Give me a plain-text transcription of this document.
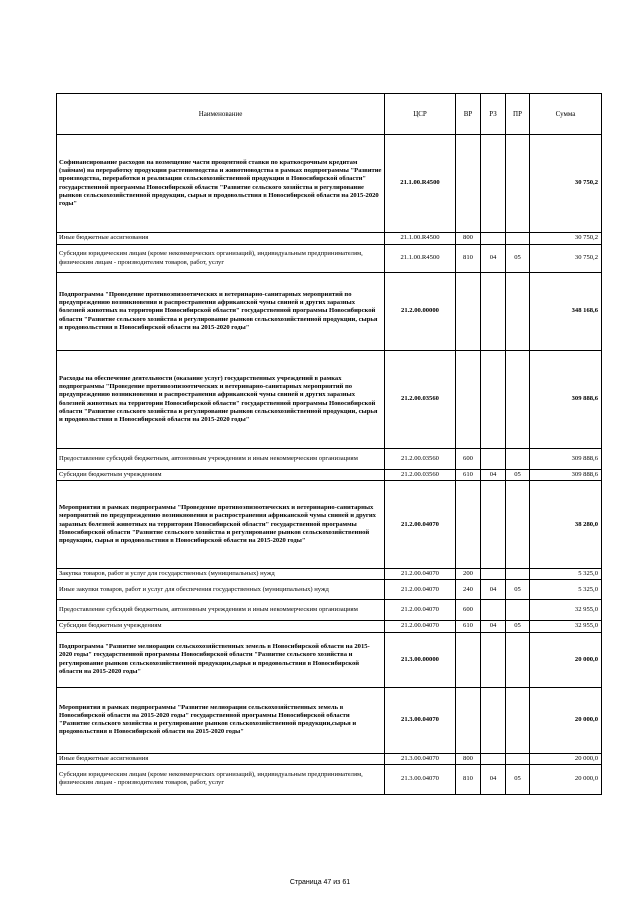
Наименование	ЦСР	ВР	РЗ	ПР	Сумма
Софинансирование расходов на возмещение части процентной ставки по краткосрочным кредитам (займам) на переработку продукции растениеводства и животноводства в рамках подпрограммы "Развитие производства, переработки и реализации сельскохозяйственной продукции в Новосибирской области" государственной программы Новосибирской области "Развитие сельского хозяйства и регулирование рынков сельскохозяйственной продукции, сырья и продовольствия в Новосибирской области на 2015-2020 годы"	21.1.00.R4500				30 750,2
Иные бюджетные ассигнования	21.1.00.R4500	800			30 750,2
Субсидии юридическим лицам (кроме некоммерческих организаций), индивидуальным предпринимателям, физическим лицам - производителям товаров, работ, услуг	21.1.00.R4500	810	04	05	30 750,2
Подпрограмма "Проведение противоэпизоотических и ветеринарно-санитарных мероприятий по предупреждению возникновения и распространения африканской чумы свиней и других заразных болезней животных на территории Новосибирской области" государственной программы Новосибирской области "Развитие сельского хозяйства и регулирование рынков сельскохозяйственной продукции, сырья и продовольствия в Новосибирской области на 2015-2020 годы"	21.2.00.00000				348 168,6
Расходы на обеспечение деятельности (оказание услуг) государственных учреждений в рамках подпрограммы "Проведение противоэпизоотических и ветеринарно-санитарных мероприятий по предупреждению возникновения и распространения африканской чумы свиней и других заразных болезней животных на территории Новосибирской области" государственной программы Новосибирской области "Развитие сельского хозяйства и регулирование рынков сельскохозяйственной продукции, сырья и продовольствия в Новосибирской области на 2015-2020 годы"	21.2.00.03560				309 888,6
Предоставление субсидий бюджетным, автономным учреждениям и иным некоммерческим организациям	21.2.00.03560	600			309 888,6
Субсидии бюджетным учреждениям	21.2.00.03560	610	04	05	309 888,6
Мероприятия в рамках подпрограммы "Проведение противоэпизоотических и ветеринарно-санитарных мероприятий по предупреждению возникновения и распространения африканской чумы свиней и других заразных болезней животных на территории Новосибирской области" государственной программы Новосибирской области "Развитие сельского хозяйства и регулирование рынков сельскохозяйственной продукции, сырья и продовольствия в Новосибирской области на 2015-2020 годы"	21.2.00.04070				38 280,0
Закупка товаров, работ и услуг для государственных (муниципальных) нужд	21.2.00.04070	200			5 325,0
Иные закупки товаров, работ и услуг для обеспечения государственных (муниципальных) нужд	21.2.00.04070	240	04	05	5 325,0
Предоставление субсидий бюджетным, автономным учреждениям и иным некоммерческим организациям	21.2.00.04070	600			32 955,0
Субсидии бюджетным учреждениям	21.2.00.04070	610	04	05	32 955,0
Подпрограмма "Развитие мелиорации сельскохозяйственных земель в Новосибирской области на 2015-2020 годы" государственной программы Новосибирской области "Развитие сельского хозяйства и регулирование рынков сельскохозяйственной продукции,сырья и продовольствия в Новосибирской области на 2015-2020 годы"	21.3.00.00000				20 000,0
Мероприятия в рамках подпрограммы "Развитие мелиорации сельскохозяйственных земель в Новосибирской области на 2015-2020 годы" государственной программы Новосибирской области "Развитие сельского хозяйства и регулирование рынков сельскохозяйственной продукции,сырья и продовольствия в Новосибирской области на 2015-2020 годы"	21.3.00.04070				20 000,0
Иные бюджетные ассигнования	21.3.00.04070	800			20 000,0
Субсидии юридическим лицам (кроме некоммерческих организаций), индивидуальным предпринимателям, физическим лицам - производителям товаров, работ, услуг	21.3.00.04070	810	04	05	20 000,0
Страница 47 из 61
